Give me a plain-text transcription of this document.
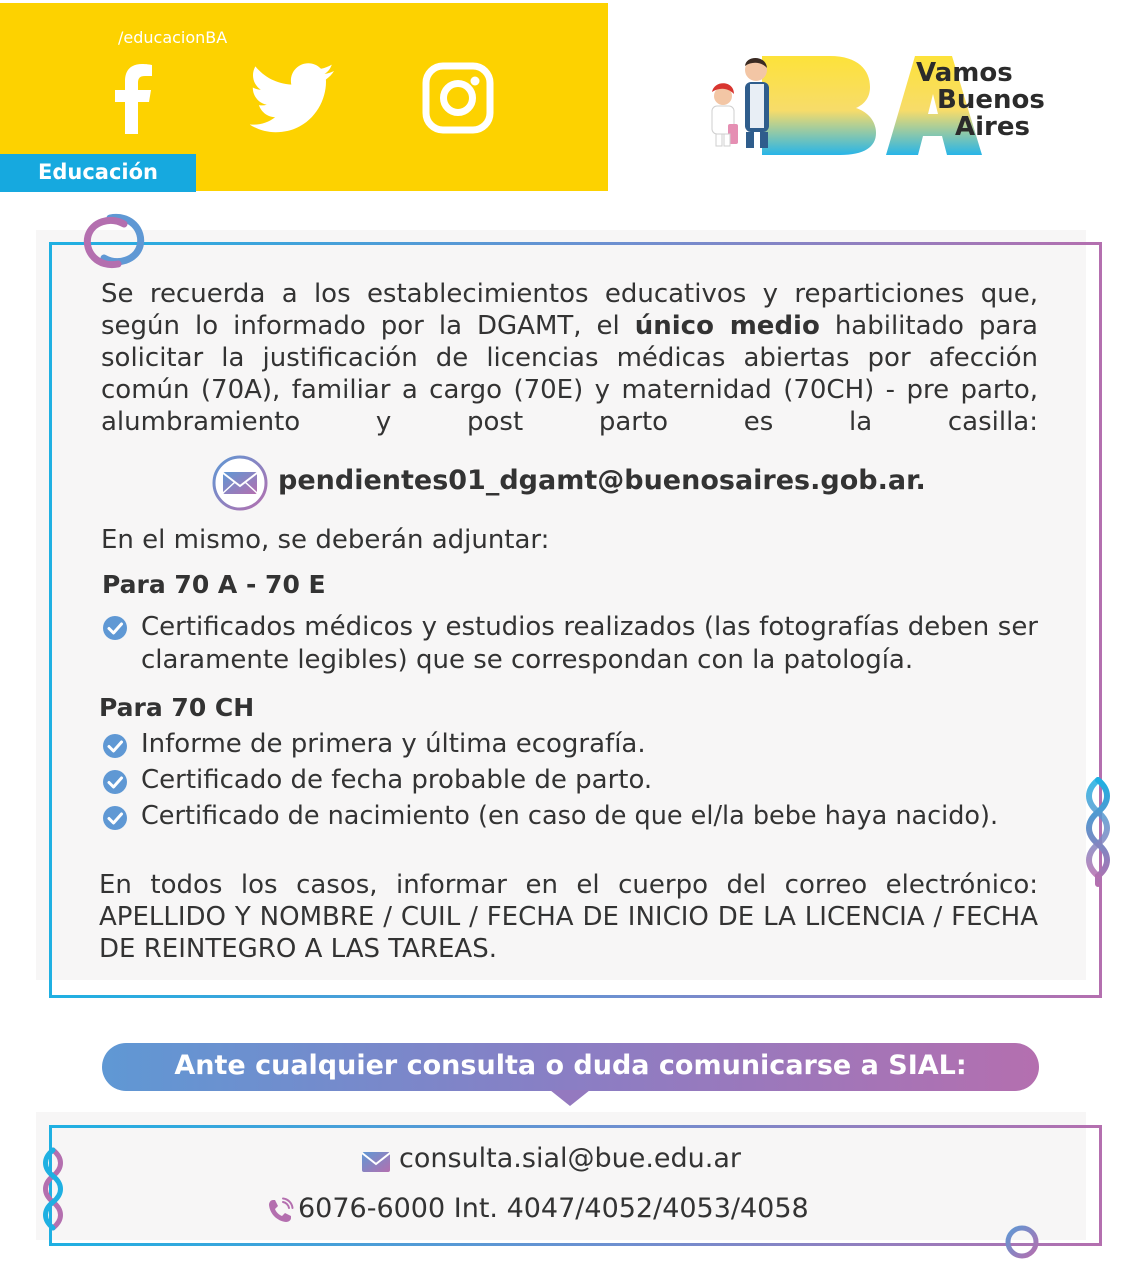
/educacionBA
Educación
Vamos
Buenos
Aires
Se recuerda a los establecimientos educativos y reparticiones que, según lo informado por la DGAMT, el único medio habilitado para solicitar la justificación de licencias médicas abiertas por afección común (70A), familiar a cargo (70E) y maternidad (70CH) - pre parto, alumbramiento y post parto es la casilla:
pendientes01_dgamt@buenosaires.gob.ar.
En el mismo, se deberán adjuntar:
Para 70 A - 70 E
Certificados médicos y estudios realizados (las fotografías deben ser claramente legibles) que se correspondan con la patología.
Para 70 CH
Informe de primera y última ecografía.
Certificado de fecha probable de parto.
Certificado de nacimiento (en caso de que el/la bebe haya nacido).
En todos los casos, informar en el cuerpo del correo electrónico: APELLIDO Y NOMBRE / CUIL / FECHA DE INICIO DE LA LICENCIA / FECHA DE REINTEGRO A LAS TAREAS.
Ante cualquier consulta o duda comunicarse a SIAL:
consulta.sial@bue.edu.ar
6076-6000 Int. 4047/4052/4053/4058
